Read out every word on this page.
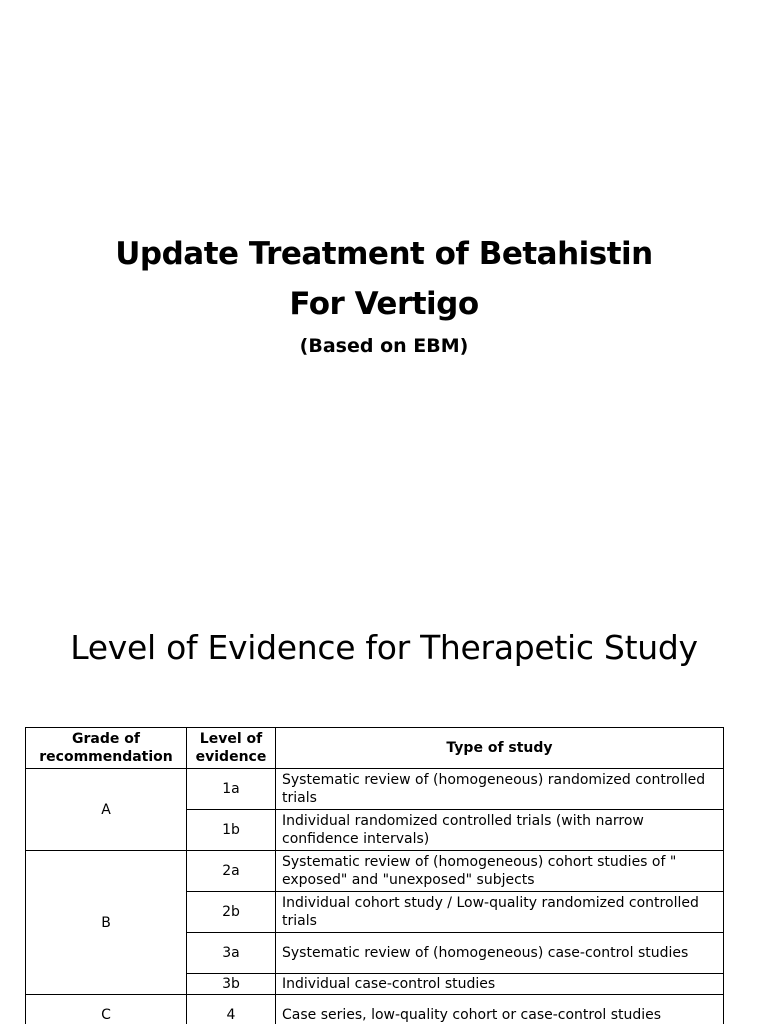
Update Treatment of Betahistin
For Vertigo
(Based on EBM)
Level of Evidence for Therapetic Study
Grade of recommendation	Level of evidence	Type of study
A	1a	Systematic review of (homogeneous) randomized controlled trials
	1b	Individual randomized controlled trials (with narrow confidence intervals)
B	2a	Systematic review of (homogeneous) cohort studies of " exposed" and "unexposed" subjects
	2b	Individual cohort study / Low-quality randomized controlled trials
	3a	Systematic review of (homogeneous) case-control studies
	3b	Individual case-control studies
C	4	Case series, low-quality cohort or case-control studies
